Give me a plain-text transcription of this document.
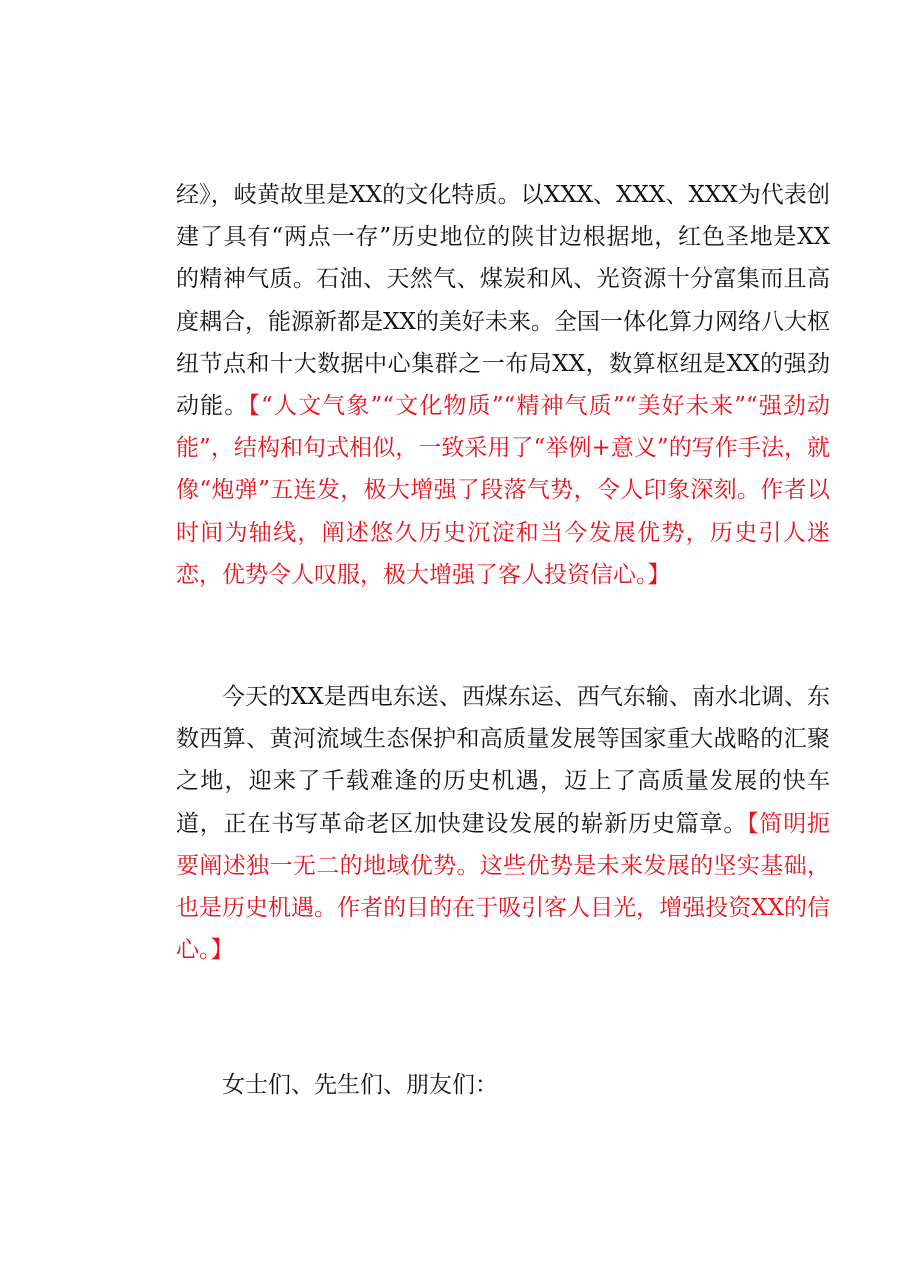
经》，岐黄故里是XX的文化特质。以XXX、XXX、XXX为代表创建了具有“两点一存”历史地位的陕甘边根据地，红色圣地是XX的精神气质。石油、天然气、煤炭和风、光资源十分富集而且高度耦合，能源新都是XX的美好未来。全国一体化算力网络八大枢纽节点和十大数据中心集群之一布局XX，数算枢纽是XX的强劲动能。【“人文气象”“文化物质”“精神气质”“美好未来”“强劲动能”，结构和句式相似，一致采用了“举例+意义”的写作手法，就像“炮弹”五连发，极大增强了段落气势，令人印象深刻。作者以时间为轴线，阐述悠久历史沉淀和当今发展优势，历史引人迷恋，优势令人叹服，极大增强了客人投资信心。】

今天的XX是西电东送、西煤东运、西气东输、南水北调、东数西算、黄河流域生态保护和高质量发展等国家重大战略的汇聚之地，迎来了千载难逢的历史机遇，迈上了高质量发展的快车道，正在书写革命老区加快建设发展的崭新历史篇章。【简明扼要阐述独一无二的地域优势。这些优势是未来发展的坚实基础，也是历史机遇。作者的目的在于吸引客人目光，增强投资XX的信心。】

女士们、先生们、朋友们：
